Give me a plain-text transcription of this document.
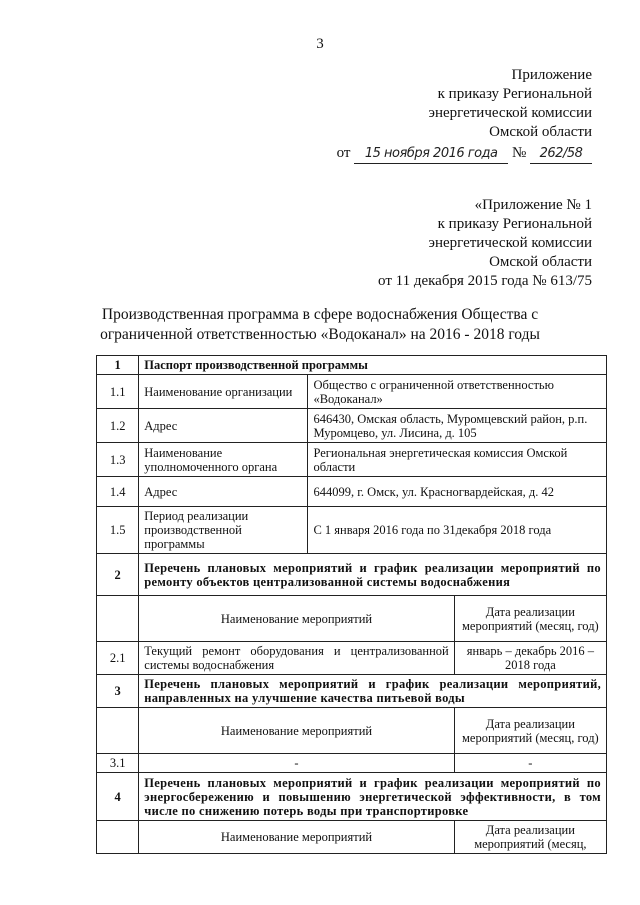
3
Приложение
к приказу Региональной
энергетической комиссии
Омской области
от 15 ноября 2016 года № 262/58
«Приложение № 1
к приказу Региональной
энергетической комиссии
Омской области
от 11 декабря 2015 года № 613/75
Производственная программа в сфере водоснабжения Общества с
ограниченной ответственностью «Водоканал» на 2016 - 2018 годы
1	Паспорт производственной программы		
1.1	Наименование организации	Общество с ограниченной ответственностью «Водоканал»	
1.2	Адрес	646430, Омская область, Муромцевский район, р.п. Муромцево, ул. Лисина, д. 105	
1.3	Наименование уполномоченного органа	Региональная энергетическая комиссия Омской области	
1.4	Адрес	644099, г. Омск, ул. Красногвардейская, д. 42	
1.5	Период реализации производственной программы	С 1 января 2016 года по 31декабря 2018 года	
2	Перечень плановых мероприятий и график реализации мероприятий по ремонту объектов централизованной системы водоснабжения		
	Наименование мероприятий		Дата реализации мероприятий (месяц, год)
2.1	Текущий ремонт оборудования и централизованной системы водоснабжения		январь – декабрь 2016 – 2018 года
3	Перечень плановых мероприятий и график реализации мероприятий, направленных на улучшение качества питьевой воды		
	Наименование мероприятий		Дата реализации мероприятий (месяц, год)
3.1	-		-
4	Перечень плановых мероприятий и график реализации мероприятий по энергосбережению и повышению энергетической эффективности, в том числе по снижению потерь воды при транспортировке		
	Наименование мероприятий		Дата реализации мероприятий (месяц,
